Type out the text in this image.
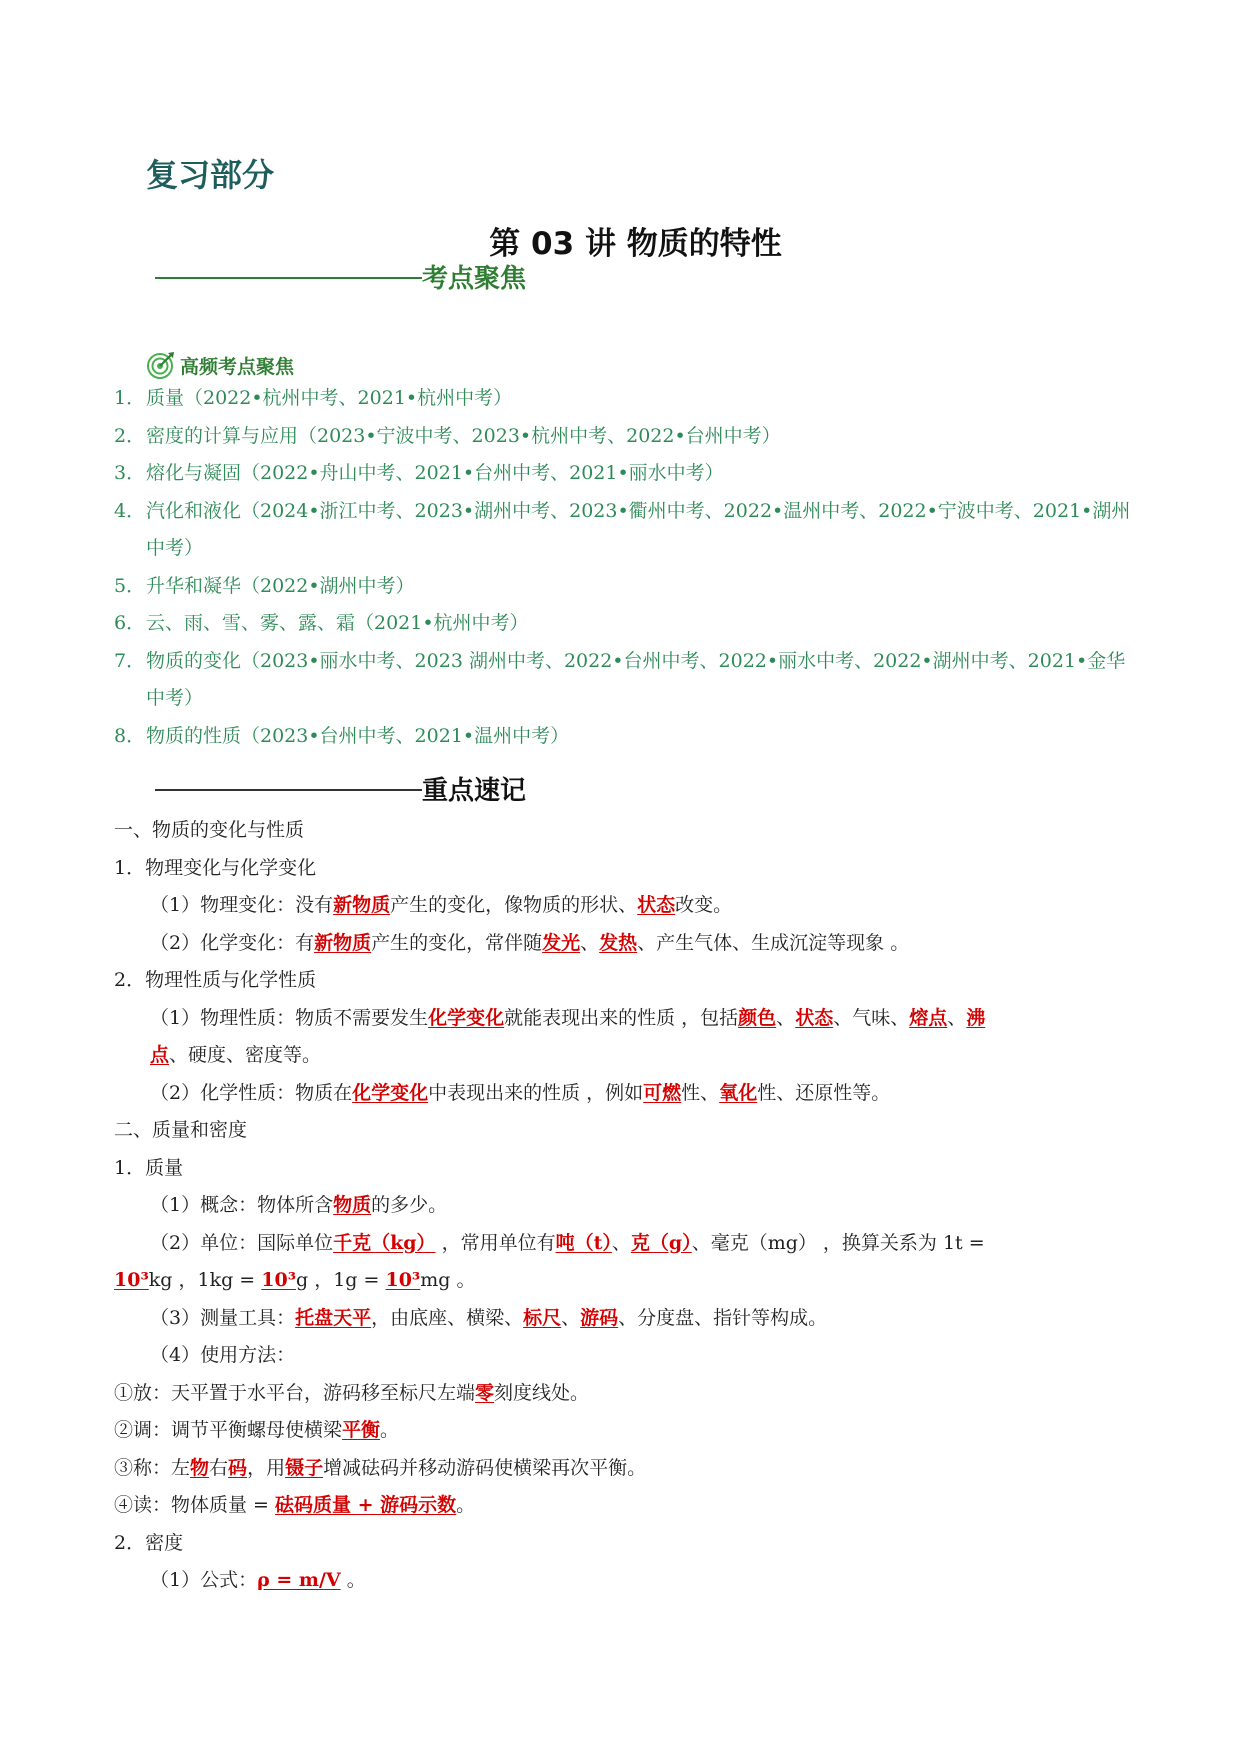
复习部分
第 03 讲 物质的特性
考点聚焦
高频考点聚焦
1．质量（2022•杭州中考、2021•杭州中考）
2．密度的计算与应用（2023•宁波中考、2023•杭州中考、2022•台州中考）
3．熔化与凝固（2022•舟山中考、2021•台州中考、2021•丽水中考）
4．汽化和液化（2024•浙江中考、2023•湖州中考、2023•衢州中考、2022•温州中考、2022•宁波中考、2021•湖州中考）
5．升华和凝华（2022•湖州中考）
6．云、雨、雪、雾、露、霜（2021•杭州中考）
7．物质的变化（2023•丽水中考、2023 湖州中考、2022•台州中考、2022•丽水中考、2022•湖州中考、2021•金华中考）
8．物质的性质（2023•台州中考、2021•温州中考）
重点速记
一、物质的变化与性质
1．物理变化与化学变化
（1）物理变化：没有新物质产生的变化，像物质的形状、状态改变。
（2）化学变化：有新物质产生的变化，常伴随发光、发热、产生气体、生成沉淀等现象 。
2．物理性质与化学性质
（1）物理性质：物质不需要发生化学变化就能表现出来的性质 ，包括颜色、状态、气味、熔点、沸
点、硬度、密度等。
（2）化学性质：物质在化学变化中表现出来的性质 ，例如可燃性、氧化性、还原性等。
二、质量和密度
1．质量
（1）概念：物体所含物质的多少。
（2）单位：国际单位千克（kg） ，常用单位有吨（t）、克（g）、毫克（mg） ，换算关系为 1t =
10³kg ，1kg = 10³g ，1g = 10³mg 。
（3）测量工具：托盘天平，由底座、横梁、标尺、游码、分度盘、指针等构成。
（4）使用方法：
①放：天平置于水平台，游码移至标尺左端零刻度线处。
②调：调节平衡螺母使横梁平衡。
③称：左物右码，用镊子增减砝码并移动游码使横梁再次平衡。
④读：物体质量 = 砝码质量 + 游码示数。
2．密度
（1）公式：ρ = m/V 。
